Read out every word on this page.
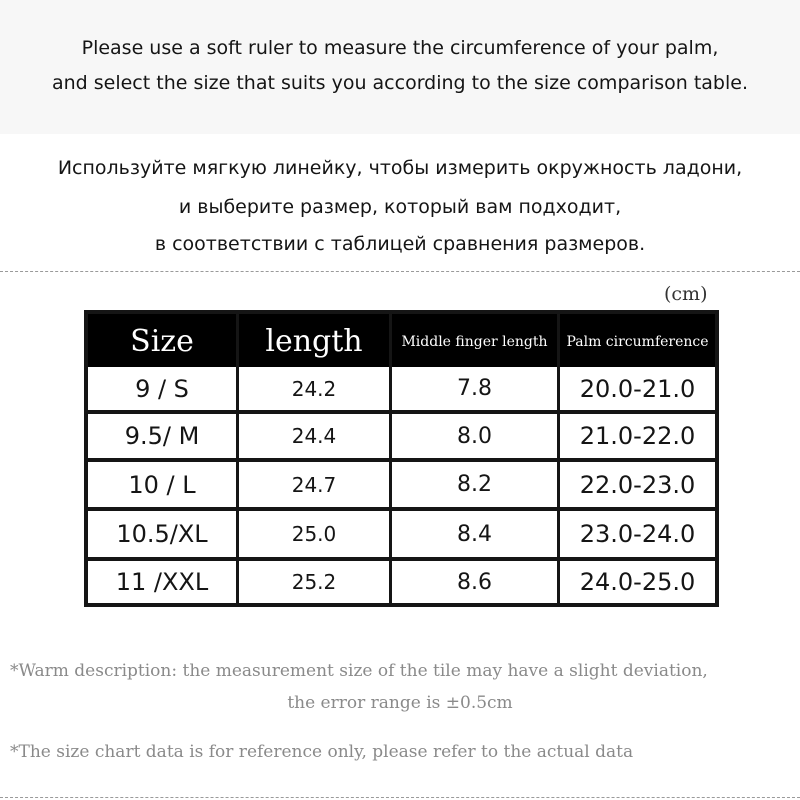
Please use a soft ruler to measure the circumference of your palm,
and select the size that suits you according to the size comparison table.
Используйте мягкую линейку, чтобы измерить окружность ладони,
и выберите размер, который вам подходит,
в соответствии с таблицей сравнения размеров.
(cm)
Size	length	Middle finger length	Palm circumference
9 / S	24.2	7.8	20.0-21.0
9.5/ M	24.4	8.0	21.0-22.0
10 / L	24.7	8.2	22.0-23.0
10.5/XL	25.0	8.4	23.0-24.0
11 /XXL	25.2	8.6	24.0-25.0
*Warm description: the measurement size of the tile may have a slight deviation,
the error range is ±0.5cm
*The size chart data is for reference only, please refer to the actual data
